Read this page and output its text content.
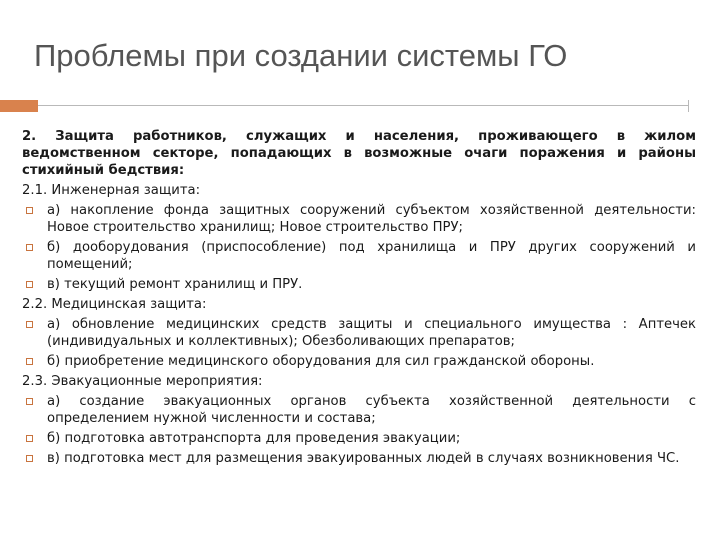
Проблемы при создании системы ГО
2. Защита работников, служащих и населения, проживающего в жилом ведомственном секторе, попадающих в возможные очаги поражения и районы стихийный бедствия:
2.1. Инженерная защита:
а) накопление фонда защитных сооружений субъектом хозяйственной деятельности: Новое строительство хранилищ; Новое строительство ПРУ;
б) дооборудования (приспособление) под хранилища и ПРУ других сооружений и помещений;
в) текущий ремонт хранилищ и ПРУ.
2.2. Медицинская защита:
а) обновление медицинских средств защиты и специального имущества : Аптечек (индивидуальных и коллективных); Обезболивающих препаратов;
б) приобретение медицинского оборудования для сил гражданской обороны.
2.3. Эвакуационные мероприятия:
а) создание эвакуационных органов субъекта хозяйственной деятельности с определением нужной численности и состава;
б) подготовка автотранспорта для проведения эвакуации;
в) подготовка мест для размещения эвакуированных людей в случаях возникновения ЧС.
